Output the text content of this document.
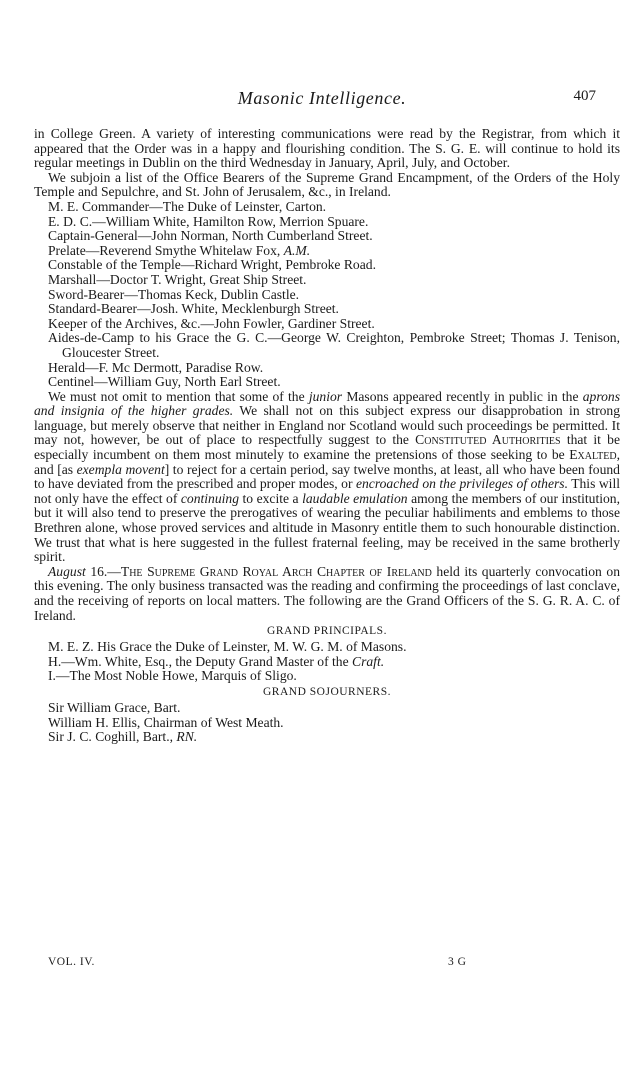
Masonic Intelligence.	407

in College Green. A variety of interesting communications were read by the Registrar, from which it appeared that the Order was in a happy and flourishing condition. The S. G. E. will continue to hold its regular meetings in Dublin on the third Wednesday in January, April, July, and October.

We subjoin a list of the Office Bearers of the Supreme Grand Encampment, of the Orders of the Holy Temple and Sepulchre, and St. John of Jerusalem, &c., in Ireland.

M. E. Commander—The Duke of Leinster, Carton.
E. D. C.—William White, Hamilton Row, Merrion Spuare.
Captain-General—John Norman, North Cumberland Street.
Prelate—Reverend Smythe Whitelaw Fox, A.M.
Constable of the Temple—Richard Wright, Pembroke Road.
Marshall—Doctor T. Wright, Great Ship Street.
Sword-Bearer—Thomas Keck, Dublin Castle.
Standard-Bearer—Josh. White, Mecklenburgh Street.
Keeper of the Archives, &c.—John Fowler, Gardiner Street.
Aides-de-Camp to his Grace the G. C.—George W. Creighton, Pembroke Street; Thomas J. Tenison, Gloucester Street.
Herald—F. Mc Dermott, Paradise Row.
Centinel—William Guy, North Earl Street.

We must not omit to mention that some of the junior Masons appeared recently in public in the aprons and insignia of the higher grades. We shall not on this subject express our disapprobation in strong language, but merely observe that neither in England nor Scotland would such proceedings be permitted. It may not, however, be out of place to respectfully suggest to the Constituted Authorities that it be especially incumbent on them most minutely to examine the pretensions of those seeking to be Exalted, and [as exempla movent] to reject for a certain period, say twelve months, at least, all who have been found to have deviated from the prescribed and proper modes, or encroached on the privileges of others. This will not only have the effect of continuing to excite a laudable emulation among the members of our institution, but it will also tend to preserve the prerogatives of wearing the peculiar habiliments and emblems to those Brethren alone, whose proved services and altitude in Masonry entitle them to such honourable distinction. We trust that what is here suggested in the fullest fraternal feeling, may be received in the same brotherly spirit.

August 16.—The Supreme Grand Royal Arch Chapter of Ireland held its quarterly convocation on this evening. The only business transacted was the reading and confirming the proceedings of last conclave, and the receiving of reports on local matters. The following are the Grand Officers of the S. G. R. A. C. of Ireland.

GRAND PRINCIPALS.

M. E. Z. His Grace the Duke of Leinster, M. W. G. M. of Masons.
H.—Wm. White, Esq., the Deputy Grand Master of the Craft.
I.—The Most Noble Howe, Marquis of Sligo.

GRAND SOJOURNERS.

Sir William Grace, Bart.
William H. Ellis, Chairman of West Meath.
Sir J. C. Coghill, Bart., RN.
VOL. IV.	3 G
